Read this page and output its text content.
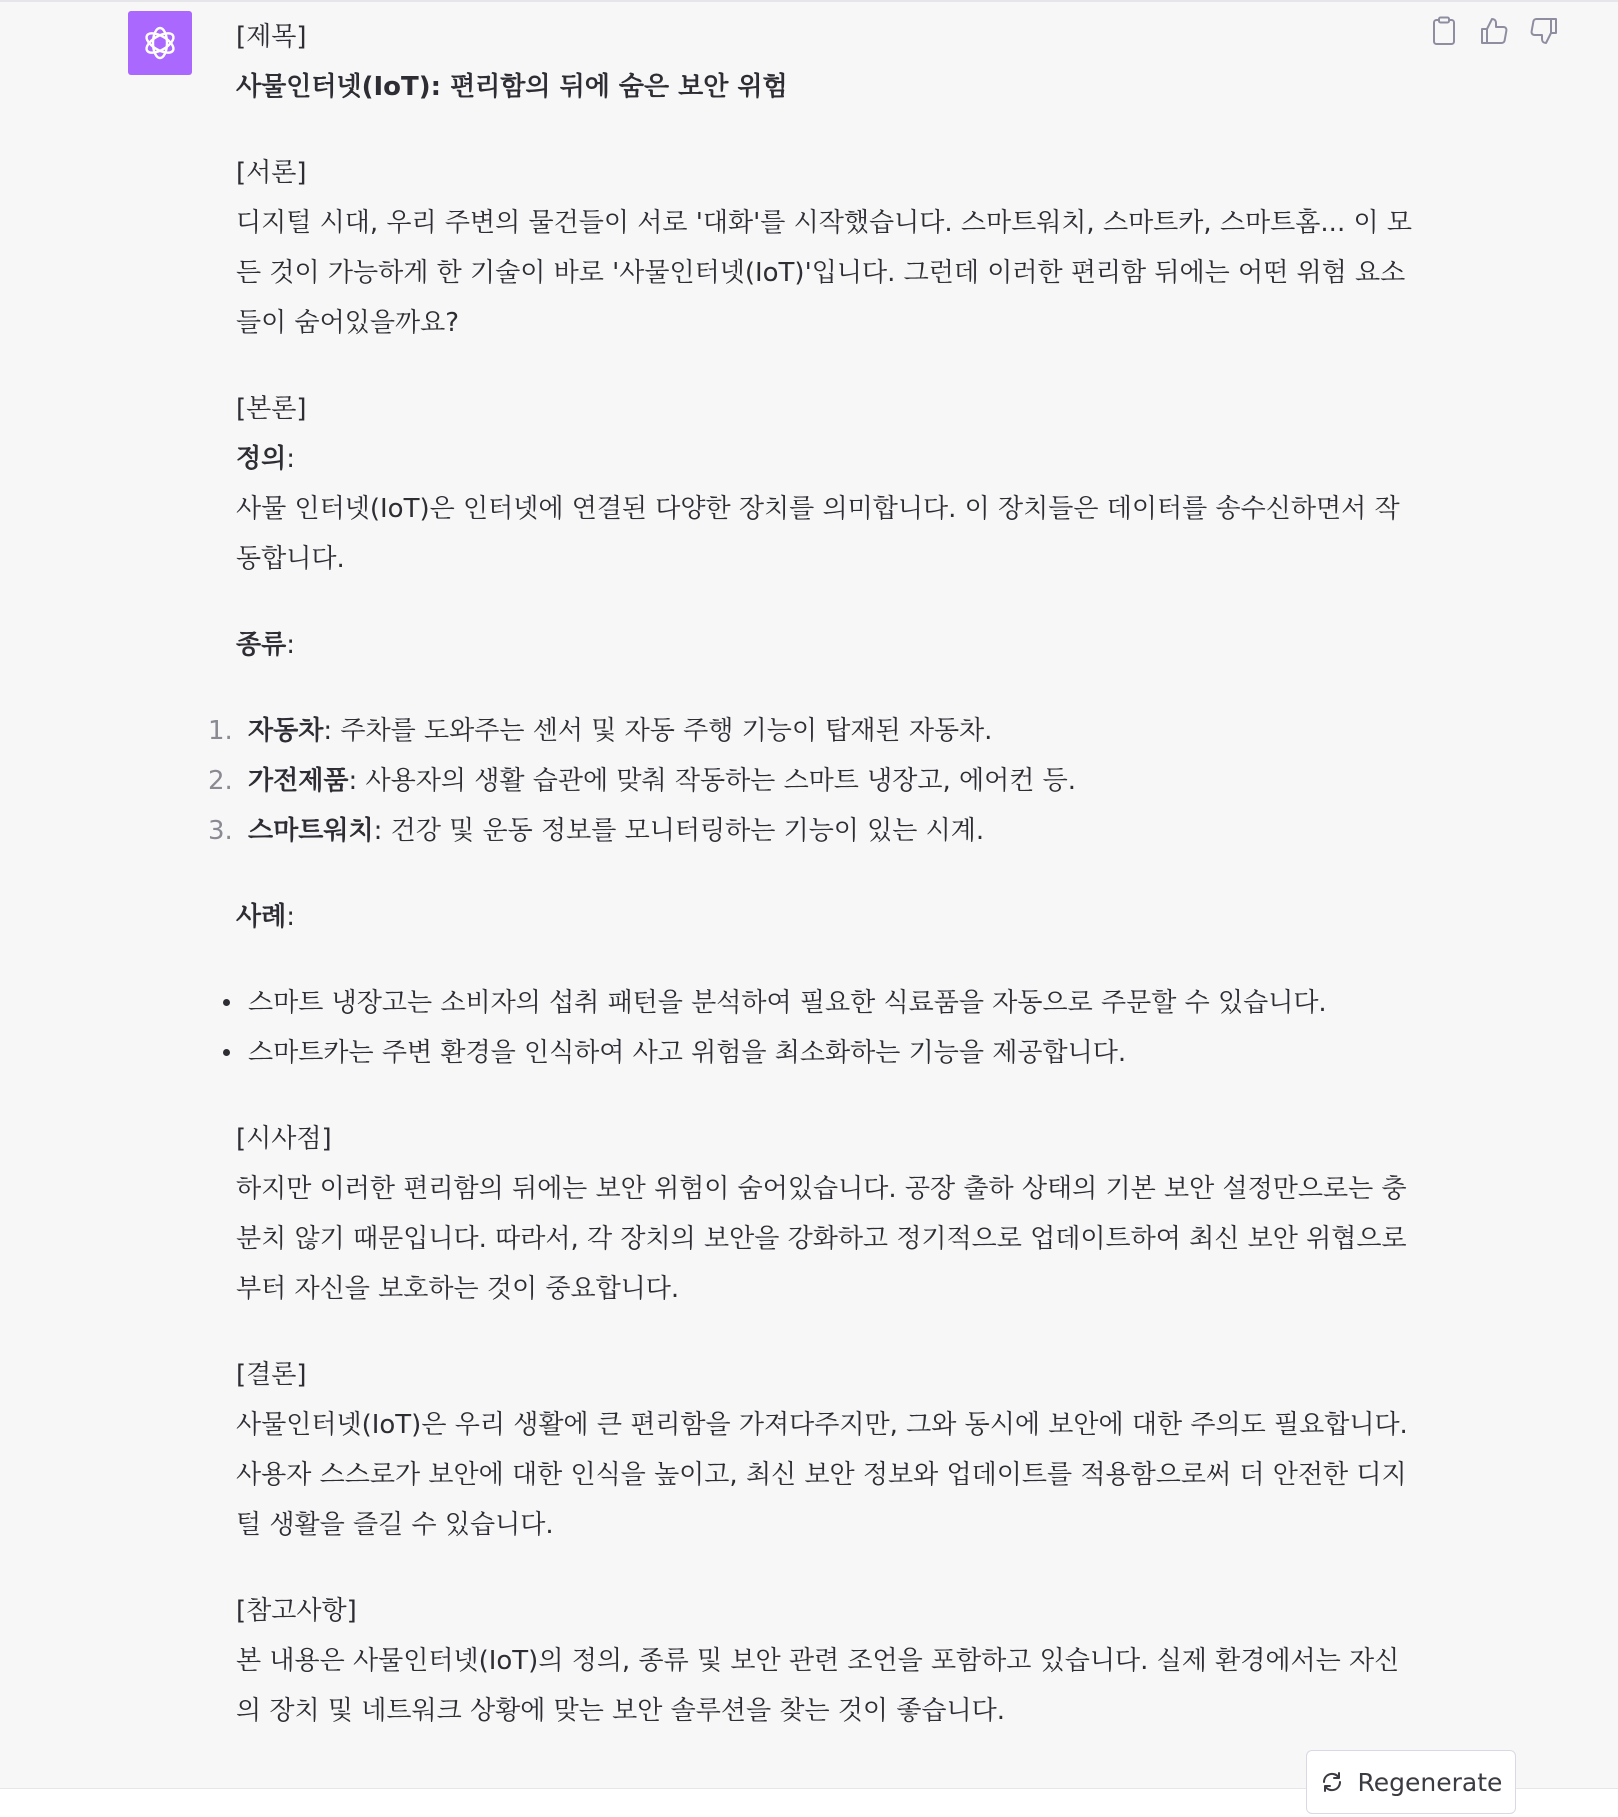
[제목]

사물인터넷(IoT): 편리함의 뒤에 숨은 보안 위험

[서론]

디지털 시대, 우리 주변의 물건들이 서로 '대화'를 시작했습니다. 스마트워치, 스마트카, 스마트홈... 이 모든 것이 가능하게 한 기술이 바로 '사물인터넷(IoT)'입니다. 그런데 이러한 편리함 뒤에는 어떤 위험 요소들이 숨어있을까요?

[본론]

정의:

사물 인터넷(IoT)은 인터넷에 연결된 다양한 장치를 의미합니다. 이 장치들은 데이터를 송수신하면서 작동합니다.

종류:

1. 자동차: 주차를 도와주는 센서 및 자동 주행 기능이 탑재된 자동차.
2. 가전제품: 사용자의 생활 습관에 맞춰 작동하는 스마트 냉장고, 에어컨 등.
3. 스마트워치: 건강 및 운동 정보를 모니터링하는 기능이 있는 시계.

사례:

스마트 냉장고는 소비자의 섭취 패턴을 분석하여 필요한 식료품을 자동으로 주문할 수 있습니다.
스마트카는 주변 환경을 인식하여 사고 위험을 최소화하는 기능을 제공합니다.

[시사점]

하지만 이러한 편리함의 뒤에는 보안 위험이 숨어있습니다. 공장 출하 상태의 기본 보안 설정만으로는 충분치 않기 때문입니다. 따라서, 각 장치의 보안을 강화하고 정기적으로 업데이트하여 최신 보안 위협으로부터 자신을 보호하는 것이 중요합니다.

[결론]

사물인터넷(IoT)은 우리 생활에 큰 편리함을 가져다주지만, 그와 동시에 보안에 대한 주의도 필요합니다. 사용자 스스로가 보안에 대한 인식을 높이고, 최신 보안 정보와 업데이트를 적용함으로써 더 안전한 디지털 생활을 즐길 수 있습니다.

[참고사항]

본 내용은 사물인터넷(IoT)의 정의, 종류 및 보안 관련 조언을 포함하고 있습니다. 실제 환경에서는 자신의 장치 및 네트워크 상황에 맞는 보안 솔루션을 찾는 것이 좋습니다.

Regenerate
